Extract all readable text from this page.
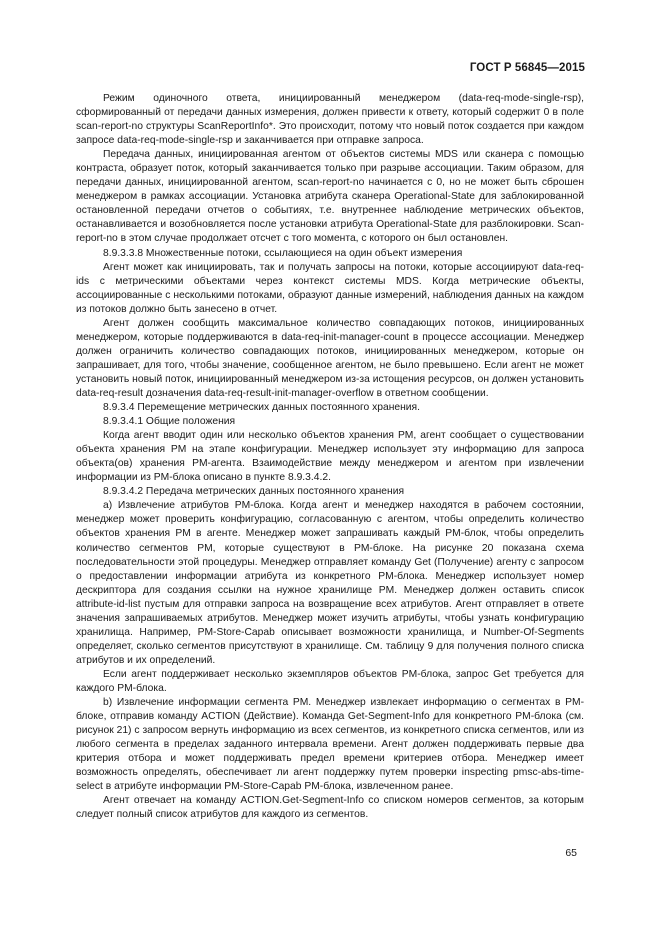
ГОСТ Р 56845—2015

Режим одиночного ответа, инициированный менеджером (data-req-mode-single-rsp), сформированный от передачи данных измерения, должен привести к ответу, который содержит 0 в поле scan-report-no структуры ScanReportInfo*. Это происходит, потому что новый поток создается при каждом запросе data-req-mode-single-rsp и заканчивается при отправке запроса.

Передача данных, инициированная агентом от объектов системы MDS или сканера с помощью контраста, образует поток, который заканчивается только при разрыве ассоциации. Таким образом, для передачи данных, инициированной агентом, scan-report-no начинается с 0, но не может быть сброшен менеджером в рамках ассоциации. Установка атрибута сканера Operational-State для заблокированной остановленной передачи отчетов о событиях, т.е. внутреннее наблюдение метрических объектов, останавливается и возобновляется после установки атрибута Operational-State для разблокировки. Scan-report-no в этом случае продолжает отсчет с того момента, с которого он был остановлен.

8.9.3.3.8 Множественные потоки, ссылающиеся на один объект измерения

Агент может как инициировать, так и получать запросы на потоки, которые ассоциируют data-req-ids с метрическими объектами через контекст системы MDS. Когда метрические объекты, ассоциированные с несколькими потоками, образуют данные измерений, наблюдения данных на каждом из потоков должно быть занесено в отчет.

Агент должен сообщить максимальное количество совпадающих потоков, инициированных менеджером, которые поддерживаются в data-req-init-manager-count в процессе ассоциации. Менеджер должен ограничить количество совпадающих потоков, инициированных менеджером, которые он запрашивает, для того, чтобы значение, сообщенное агентом, не было превышено. Если агент не может установить новый поток, инициированный менеджером из-за истощения ресурсов, он должен установить data-req-result дозначения data-req-result-init-manager-overflow в ответном сообщении.

8.9.3.4 Перемещение метрических данных постоянного хранения.

8.9.3.4.1 Общие положения

Когда агент вводит один или несколько объектов хранения PM, агент сообщает о существовании объекта хранения PM на этапе конфигурации. Менеджер использует эту информацию для запроса объекта(ов) хранения PM-агента. Взаимодействие между менеджером и агентом при извлечении информации из PM-блока описано в пункте 8.9.3.4.2.

8.9.3.4.2 Передача метрических данных постоянного хранения

a) Извлечение атрибутов PM-блока. Когда агент и менеджер находятся в рабочем состоянии, менеджер может проверить конфигурацию, согласованную с агентом, чтобы определить количество объектов хранения PM в агенте. Менеджер может запрашивать каждый PM-блок, чтобы определить количество сегментов PM, которые существуют в PM-блоке. На рисунке 20 показана схема последовательности этой процедуры. Менеджер отправляет команду Get (Получение) агенту с запросом о предоставлении информации атрибута из конкретного PM-блока. Менеджер использует номер дескриптора для создания ссылки на нужное хранилище PM. Менеджер должен оставить список attribute-id-list пустым для отправки запроса на возвращение всех атрибутов. Агент отправляет в ответе значения запрашиваемых атрибутов. Менеджер может изучить атрибуты, чтобы узнать конфигурацию хранилища. Например, PM-Store-Capab описывает возможности хранилища, и Number-Of-Segments определяет, сколько сегментов присутствуют в хранилище. См. таблицу 9 для получения полного списка атрибутов и их определений.

Если агент поддерживает несколько экземпляров объектов PM-блока, запрос Get требуется для каждого PM-блока.

b) Извлечение информации сегмента PM. Менеджер извлекает информацию о сегментах в PM-блоке, отправив команду ACTION (Действие). Команда Get-Segment-Info для конкретного PM-блока (см. рисунок 21) с запросом вернуть информацию из всех сегментов, из конкретного списка сегментов, или из любого сегмента в пределах заданного интервала времени. Агент должен поддерживать первые два критерия отбора и может поддерживать предел времени критериев отбора. Менеджер имеет возможность определять, обеспечивает ли агент поддержку путем проверки inspecting pmsc-abs-time-select в атрибуте информации PM-Store-Capab PM-блока, извлеченном ранее.

Агент отвечает на команду ACTION.Get-Segment-Info со списком номеров сегментов, за которым следует полный список атрибутов для каждого из сегментов.

65
